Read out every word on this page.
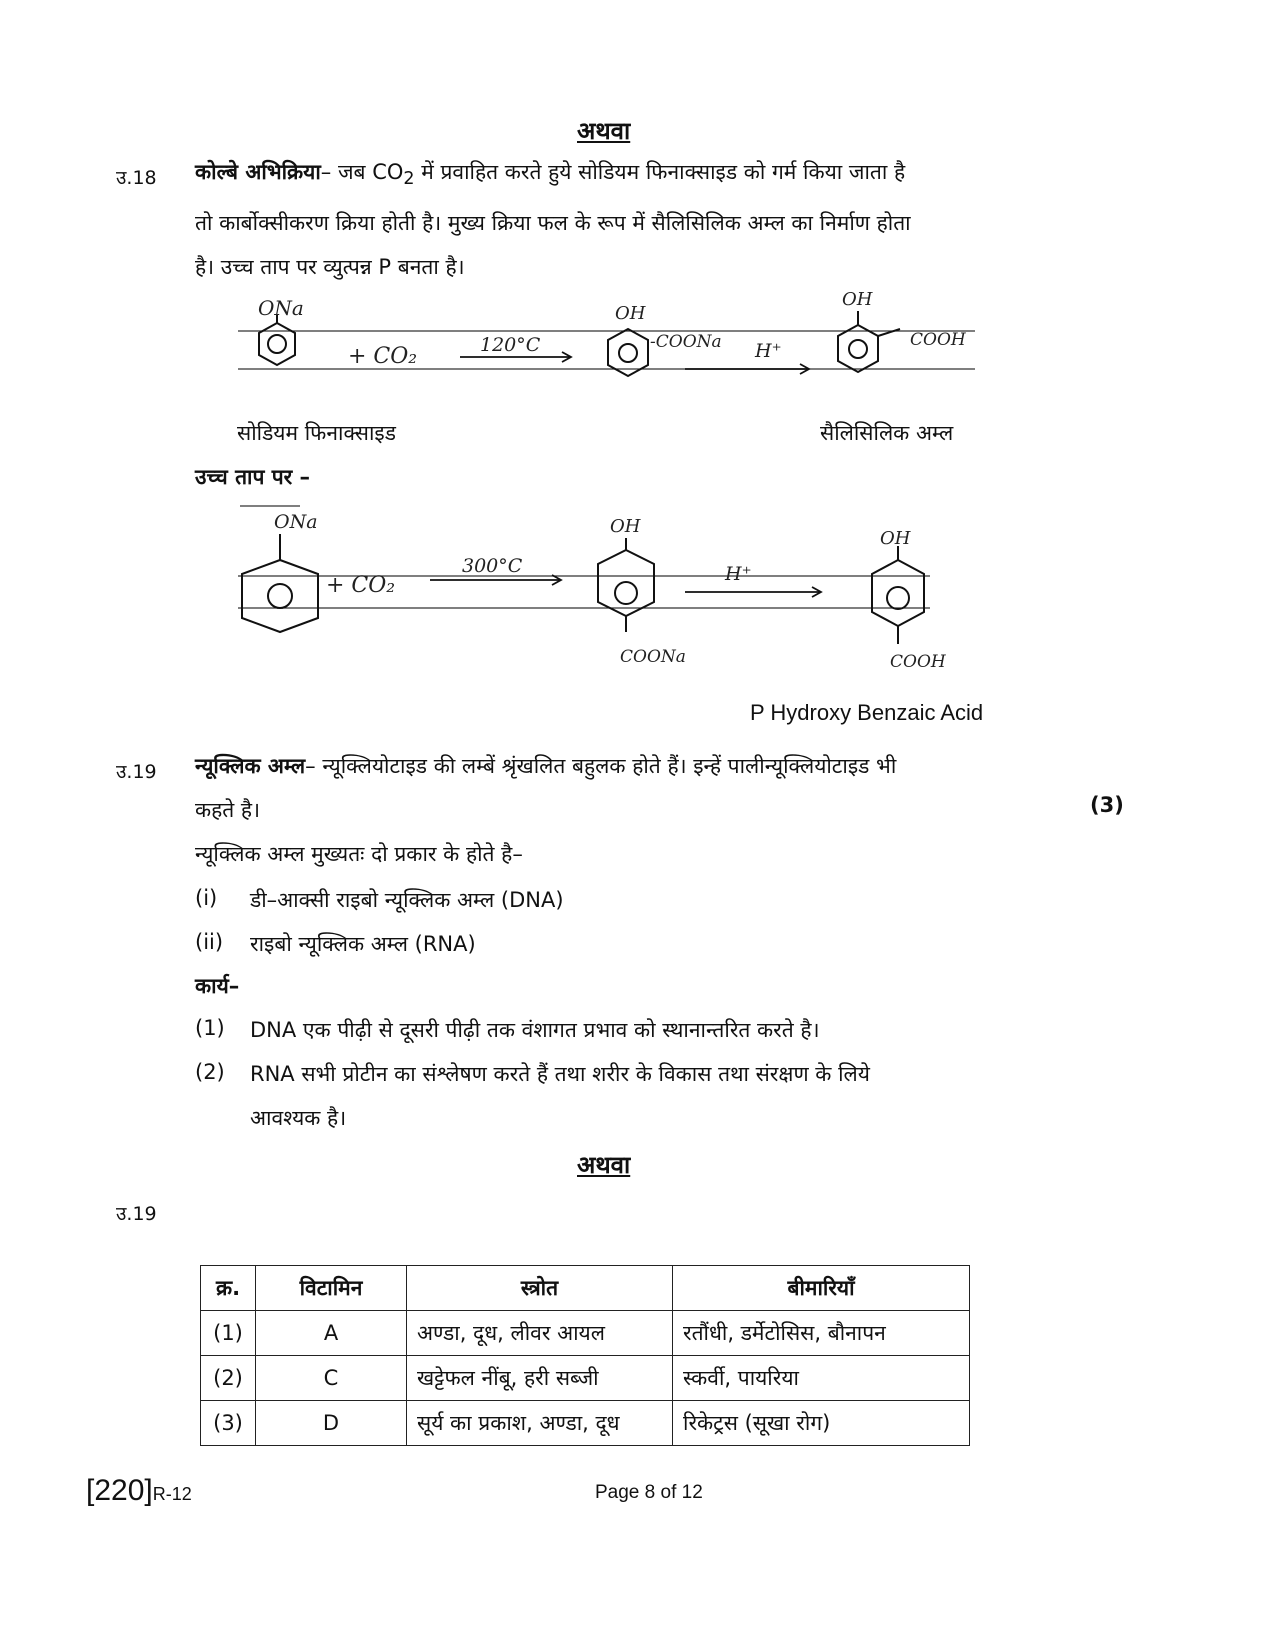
अथवा
उ.18 कोल्बे अभिक्रिया– जब $CO_2$ में प्रवाहित करते हुये सोडियम फिनाक्साइड को गर्म किया जाता है
तो कार्बोक्सीकरण क्रिया होती है। मुख्य क्रिया फल के रूप में सैलिसिलिक अम्ल का निर्माण होता
है। उच्च ताप पर व्युत्पन्न P बनता है।
ONa
+ CO₂	120°C
OH
-COONa H⁺
OH
COOH
सोडियम फिनाक्साइड	सैलिसिलिक अम्ल
उच्च ताप पर –
ONa
+ CO₂
300°C
OH
COONa
H⁺
OH
COOH
P Hydroxy Benzaic Acid
उ.19 न्यूक्लिक अम्ल– न्यूक्लियोटाइड की लम्बें श्रृंखलित बहुलक होते हैं। इन्हें पालीन्यूक्लियोटाइड भी
कहते है।
न्यूक्लिक अम्ल मुख्यतः दो प्रकार के होते है–
(3)
(i) डी–आक्सी राइबो न्यूक्लिक अम्ल (DNA)
(ii) राइबो न्यूक्लिक अम्ल (RNA)
कार्य–
(1) DNA एक पीढ़ी से दूसरी पीढ़ी तक वंशागत प्रभाव को स्थानान्तरित करते है।
(2) RNA सभी प्रोटीन का संश्लेषण करते हैं तथा शरीर के विकास तथा संरक्षण के लिये
आवश्यक है।
अथवा
उ.19
क्र.	विटामिन	स्त्रोत	बीमारियाँ
(1)	A	अण्डा, दूध, लीवर आयल	रतौंधी, डर्मेटोसिस, बौनापन
(2)	C	खट्टेफल नींबू, हरी सब्जी	स्कर्वी, पायरिया
(3)	D	सूर्य का प्रकाश, अण्डा, दूध	रिकेट्रस (सूखा रोग)
[220]R-12	Page 8 of 12
